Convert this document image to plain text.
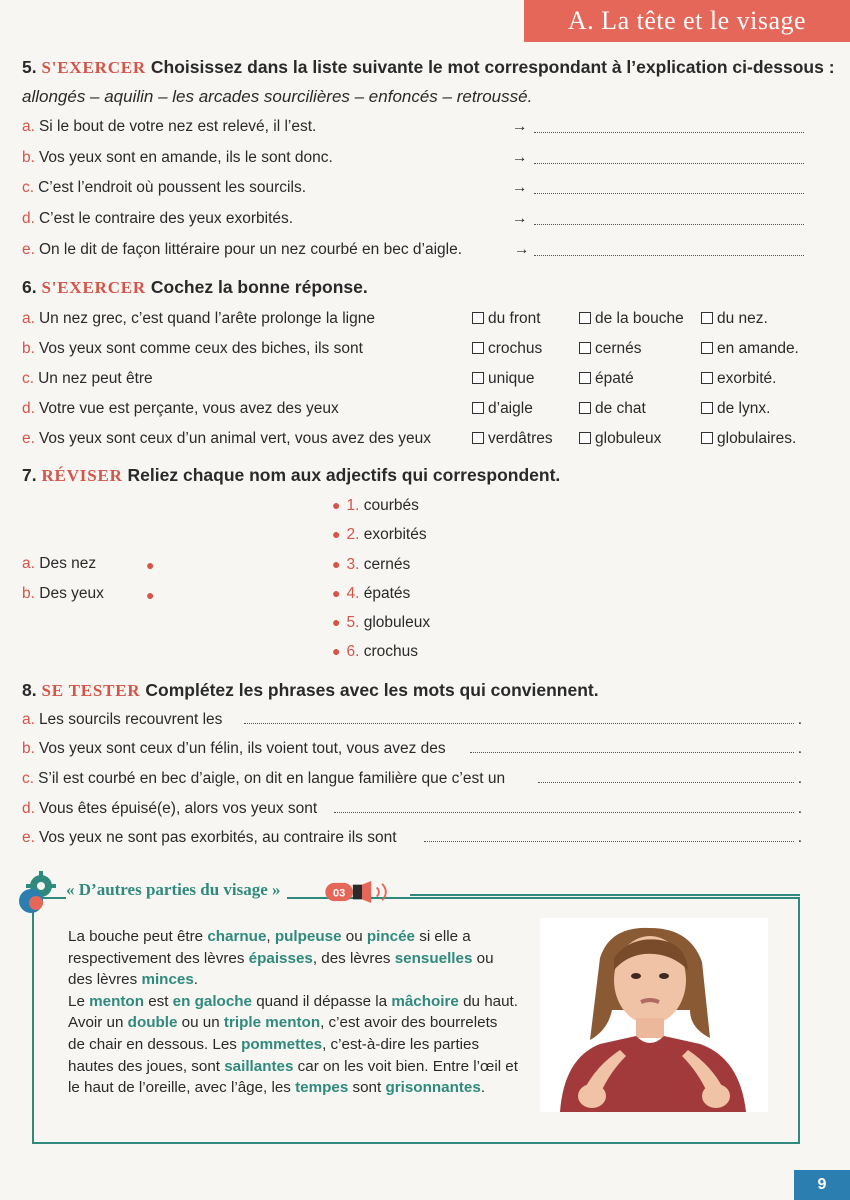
A. La tête et le visage
5. S'EXERCER Choisissez dans la liste suivante le mot correspondant à l’explication ci-dessous :
allongés – aquilin – les arcades sourcilières – enfoncés – retroussé.
a. Si le bout de votre nez est relevé, il l’est.	→
b. Vos yeux sont en amande, ils le sont donc.	→
c. C’est l’endroit où poussent les sourcils.	→
d. C’est le contraire des yeux exorbités.	→
e. On le dit de façon littéraire pour un nez courbé en bec d’aigle.	→
6. S'EXERCER Cochez la bonne réponse.
a. Un nez grec, c’est quand l’arête prolonge la ligne	du front	de la bouche	du nez.
b. Vos yeux sont comme ceux des biches, ils sont	crochus	cernés	en amande.
c. Un nez peut être	unique	épaté	exorbité.
d. Votre vue est perçante, vous avez des yeux	d’aigle	de chat	de lynx.
e. Vos yeux sont ceux d’un animal vert, vous avez des yeux	verdâtres	globuleux	globulaires.
7. RÉVISER Reliez chaque nom aux adjectifs qui correspondent.
● 1. courbés
● 2. exorbités
● 3. cernés
● 4. épatés
● 5. globuleux
● 6. crochus
a. Des nez	●
b. Des yeux	●
8. SE TESTER Complétez les phrases avec les mots qui conviennent.
a. Les sourcils recouvrent les	.
b. Vos yeux sont ceux d’un félin, ils voient tout, vous avez des	.
c. S’il est courbé en bec d’aigle, on dit en langue familière que c’est un	.
d. Vous êtes épuisé(e), alors vos yeux sont	.
e. Vos yeux ne sont pas exorbités, au contraire ils sont	.
« D’autres parties du visage »	03
La bouche peut être charnue, pulpeuse ou pincée si elle a respectivement des lèvres épaisses, des lèvres sensuelles ou des lèvres minces.
Le menton est en galoche quand il dépasse la mâchoire du haut. Avoir un double ou un triple menton, c’est avoir des bourrelets de chair en dessous. Les pommettes, c’est-à-dire les parties hautes des joues, sont saillantes car on les voit bien. Entre l’œil et le haut de l’oreille, avec l’âge, les tempes sont grisonnantes.
9
